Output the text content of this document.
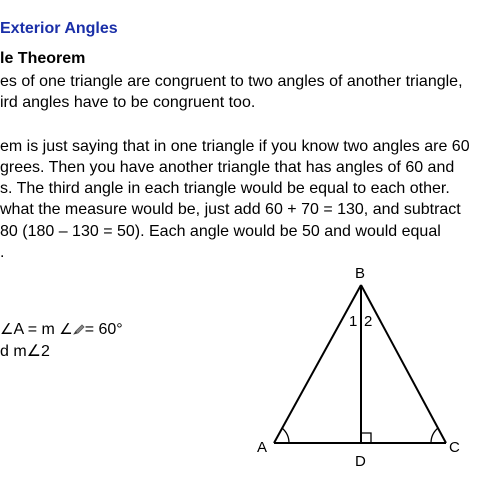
Exterior Angles
le Theorem
es of one triangle are congruent to two angles of another triangle,
ird angles have to be congruent too.
em is just saying that in one triangle if you know two angles are 60
grees. Then you have another triangle that has angles of 60 and
s. The third angle in each triangle would be equal to each other.
what the measure would be, just add 60 + 70 = 130, and subtract
80 (180 – 130 = 50). Each angle would be 50 and would equal
.
∠A = m ∠ = 60°
d m∠2
B
A	C
D
1 2
